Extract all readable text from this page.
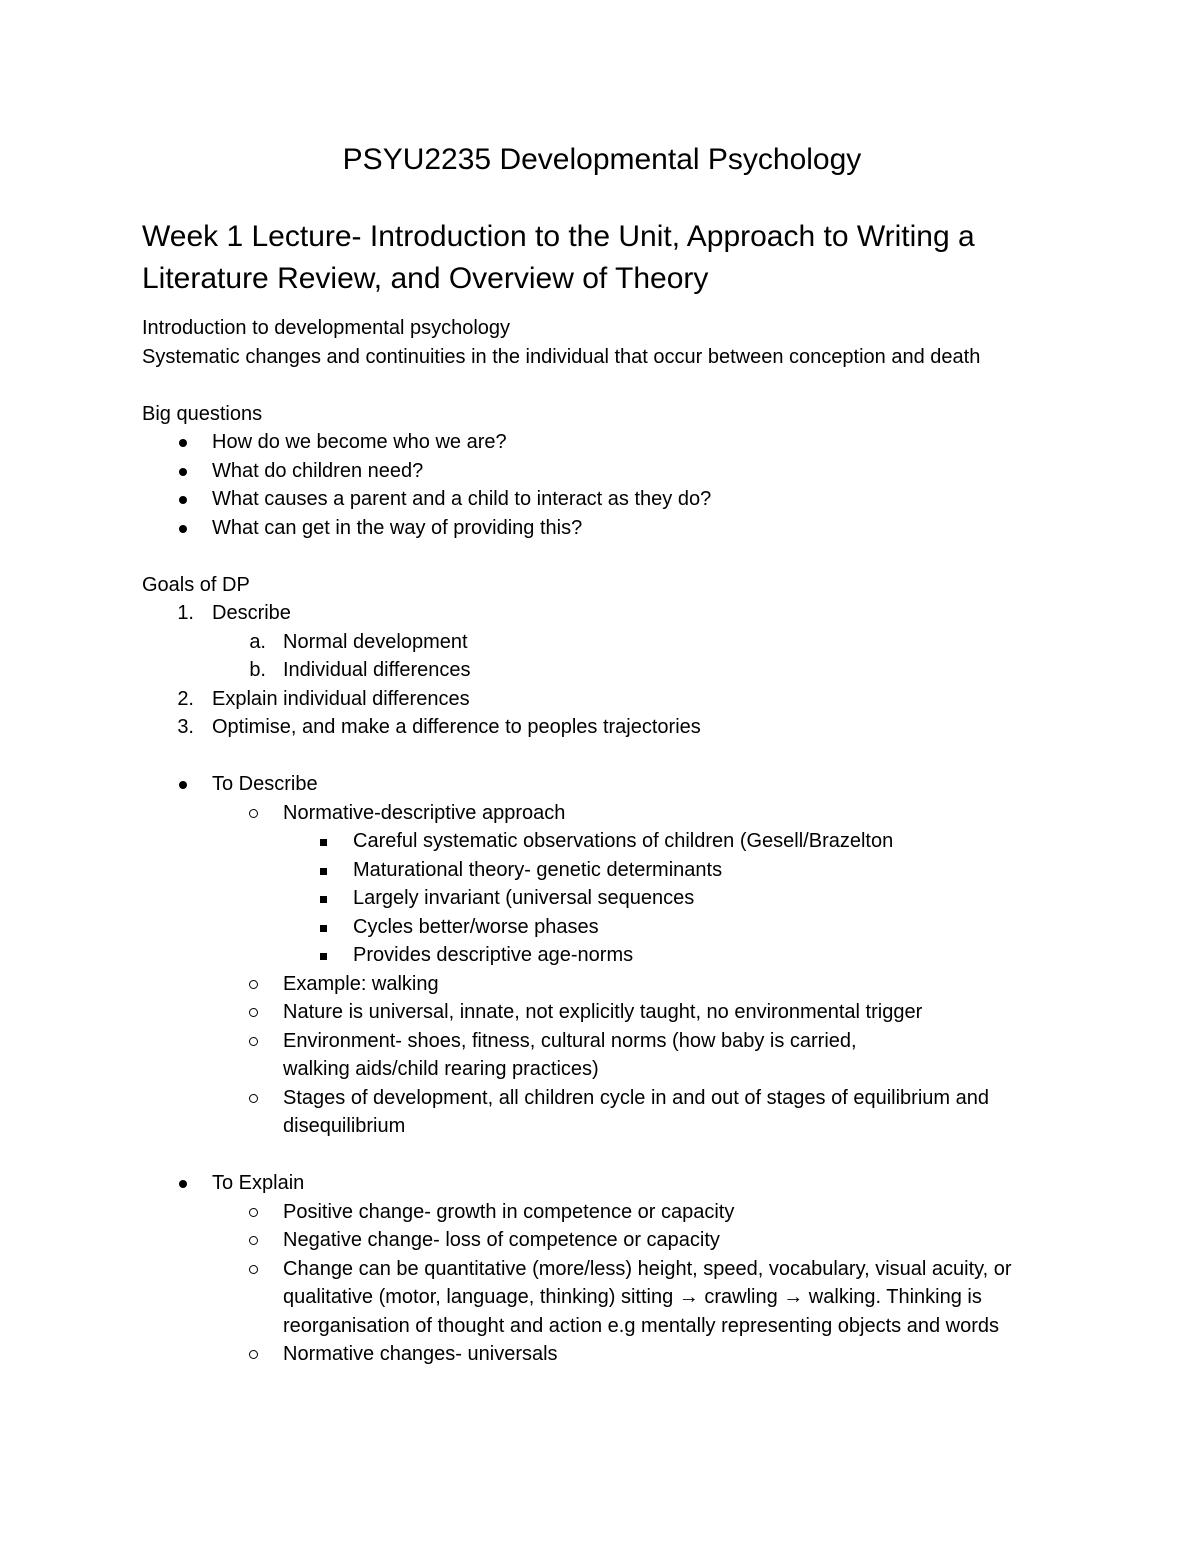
PSYU2235 Developmental Psychology
Week 1 Lecture- Introduction to the Unit, Approach to Writing a Literature Review, and Overview of Theory

Introduction to developmental psychology

Systematic changes and continuities in the individual that occur between conception and death

Big questions

How do we become who we are?
What do children need?
What causes a parent and a child to interact as they do?
What can get in the way of providing this?

Goals of DP

1. Describe
a. Normal development
b. Individual differences
2. Explain individual differences
3. Optimise, and make a difference to peoples trajectories
To Describe
Normative-descriptive approach
Careful systematic observations of children (Gesell/Brazelton
Maturational theory- genetic determinants
Largely invariant (universal sequences
Cycles better/worse phases
Provides descriptive age-norms
Example: walking
Nature is universal, innate, not explicitly taught, no environmental trigger
Environment- shoes, fitness, cultural norms (how baby is carried, walking aids/child rearing practices)
Stages of development, all children cycle in and out of stages of equilibrium and disequilibrium
To Explain
Positive change- growth in competence or capacity
Negative change- loss of competence or capacity
Change can be quantitative (more/less) height, speed, vocabulary, visual acuity, or qualitative (motor, language, thinking) sitting → crawling → walking. Thinking is reorganisation of thought and action e.g mentally representing objects and words
Normative changes- universals
